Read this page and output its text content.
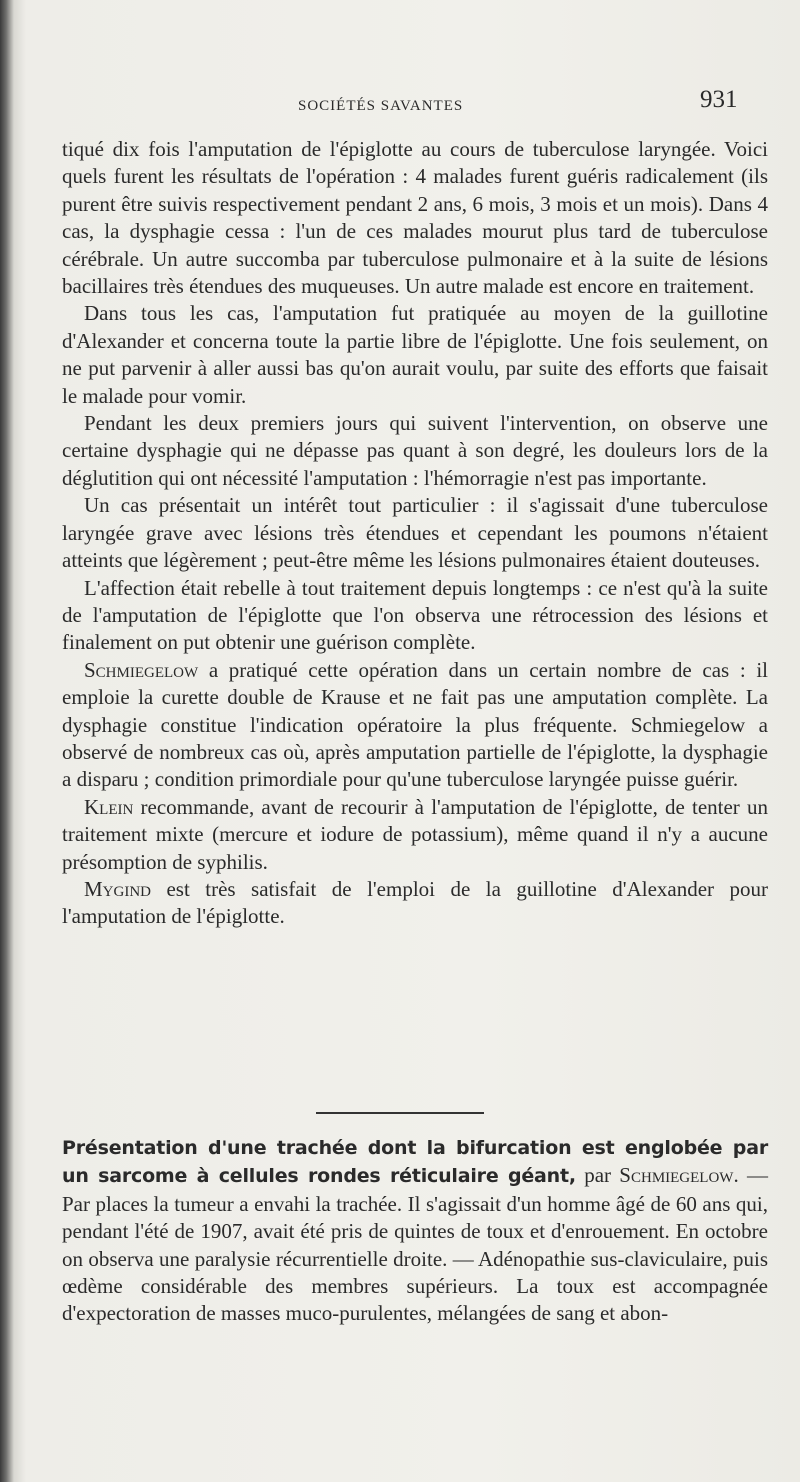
SOCIÉTÉS SAVANTES	931

tiqué dix fois l'amputation de l'épiglotte au cours de tuberculose laryngée. Voici quels furent les résultats de l'opération : 4 malades furent guéris radicalement (ils purent être suivis respectivement pendant 2 ans, 6 mois, 3 mois et un mois). Dans 4 cas, la dysphagie cessa : l'un de ces malades mourut plus tard de tuberculose cérébrale. Un autre succomba par tuberculose pulmonaire et à la suite de lésions bacillaires très étendues des muqueuses. Un autre malade est encore en traitement.

Dans tous les cas, l'amputation fut pratiquée au moyen de la guillotine d'Alexander et concerna toute la partie libre de l'épiglotte. Une fois seulement, on ne put parvenir à aller aussi bas qu'on aurait voulu, par suite des efforts que faisait le malade pour vomir.

Pendant les deux premiers jours qui suivent l'intervention, on observe une certaine dysphagie qui ne dépasse pas quant à son degré, les douleurs lors de la déglutition qui ont nécessité l'amputation : l'hémorragie n'est pas importante.

Un cas présentait un intérêt tout particulier : il s'agissait d'une tuberculose laryngée grave avec lésions très étendues et cependant les poumons n'étaient atteints que légèrement ; peut-être même les lésions pulmonaires étaient douteuses.

L'affection était rebelle à tout traitement depuis longtemps : ce n'est qu'à la suite de l'amputation de l'épiglotte que l'on observa une rétrocession des lésions et finalement on put obtenir une guérison complète.

Schmiegelow a pratiqué cette opération dans un certain nombre de cas : il emploie la curette double de Krause et ne fait pas une amputation complète. La dysphagie constitue l'indication opératoire la plus fréquente. Schmiegelow a observé de nombreux cas où, après amputation partielle de l'épiglotte, la dysphagie a disparu ; condition primordiale pour qu'une tuberculose laryngée puisse guérir.

Klein recommande, avant de recourir à l'amputation de l'épiglotte, de tenter un traitement mixte (mercure et iodure de potassium), même quand il n'y a aucune présomption de syphilis.

Mygind est très satisfait de l'emploi de la guillotine d'Alexander pour l'amputation de l'épiglotte.

Présentation d'une trachée dont la bifurcation est englobée par un sarcome à cellules rondes réticulaire géant, par Schmiegelow. — Par places la tumeur a envahi la trachée. Il s'agissait d'un homme âgé de 60 ans qui, pendant l'été de 1907, avait été pris de quintes de toux et d'enrouement. En octobre on observa une paralysie récurrentielle droite. — Adénopathie sus-claviculaire, puis œdème considérable des membres supérieurs. La toux est accompagnée d'expectoration de masses muco-purulentes, mélangées de sang et abon-
